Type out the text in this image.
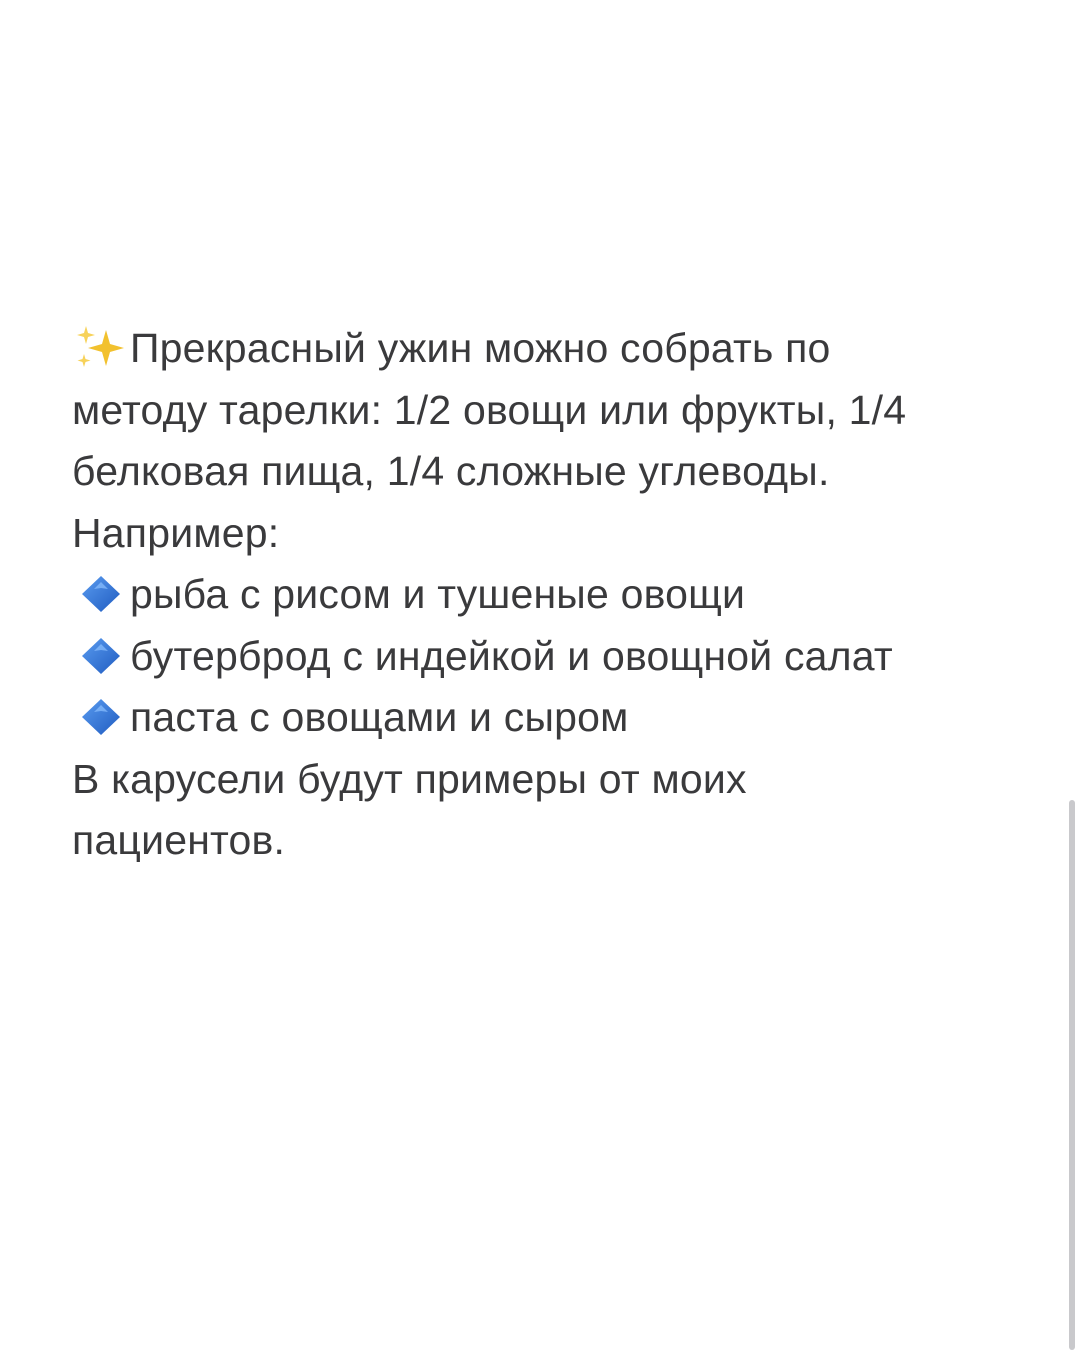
Прекрасный ужин можно собрать по
методу тарелки: 1/2 овощи или фрукты, 1/4
белковая пища, 1/4 сложные углеводы.
Например:
рыба с рисом и тушеные овощи
бутерброд с индейкой и овощной салат
паста с овощами и сыром
В карусели будут примеры от моих
пациентов.
